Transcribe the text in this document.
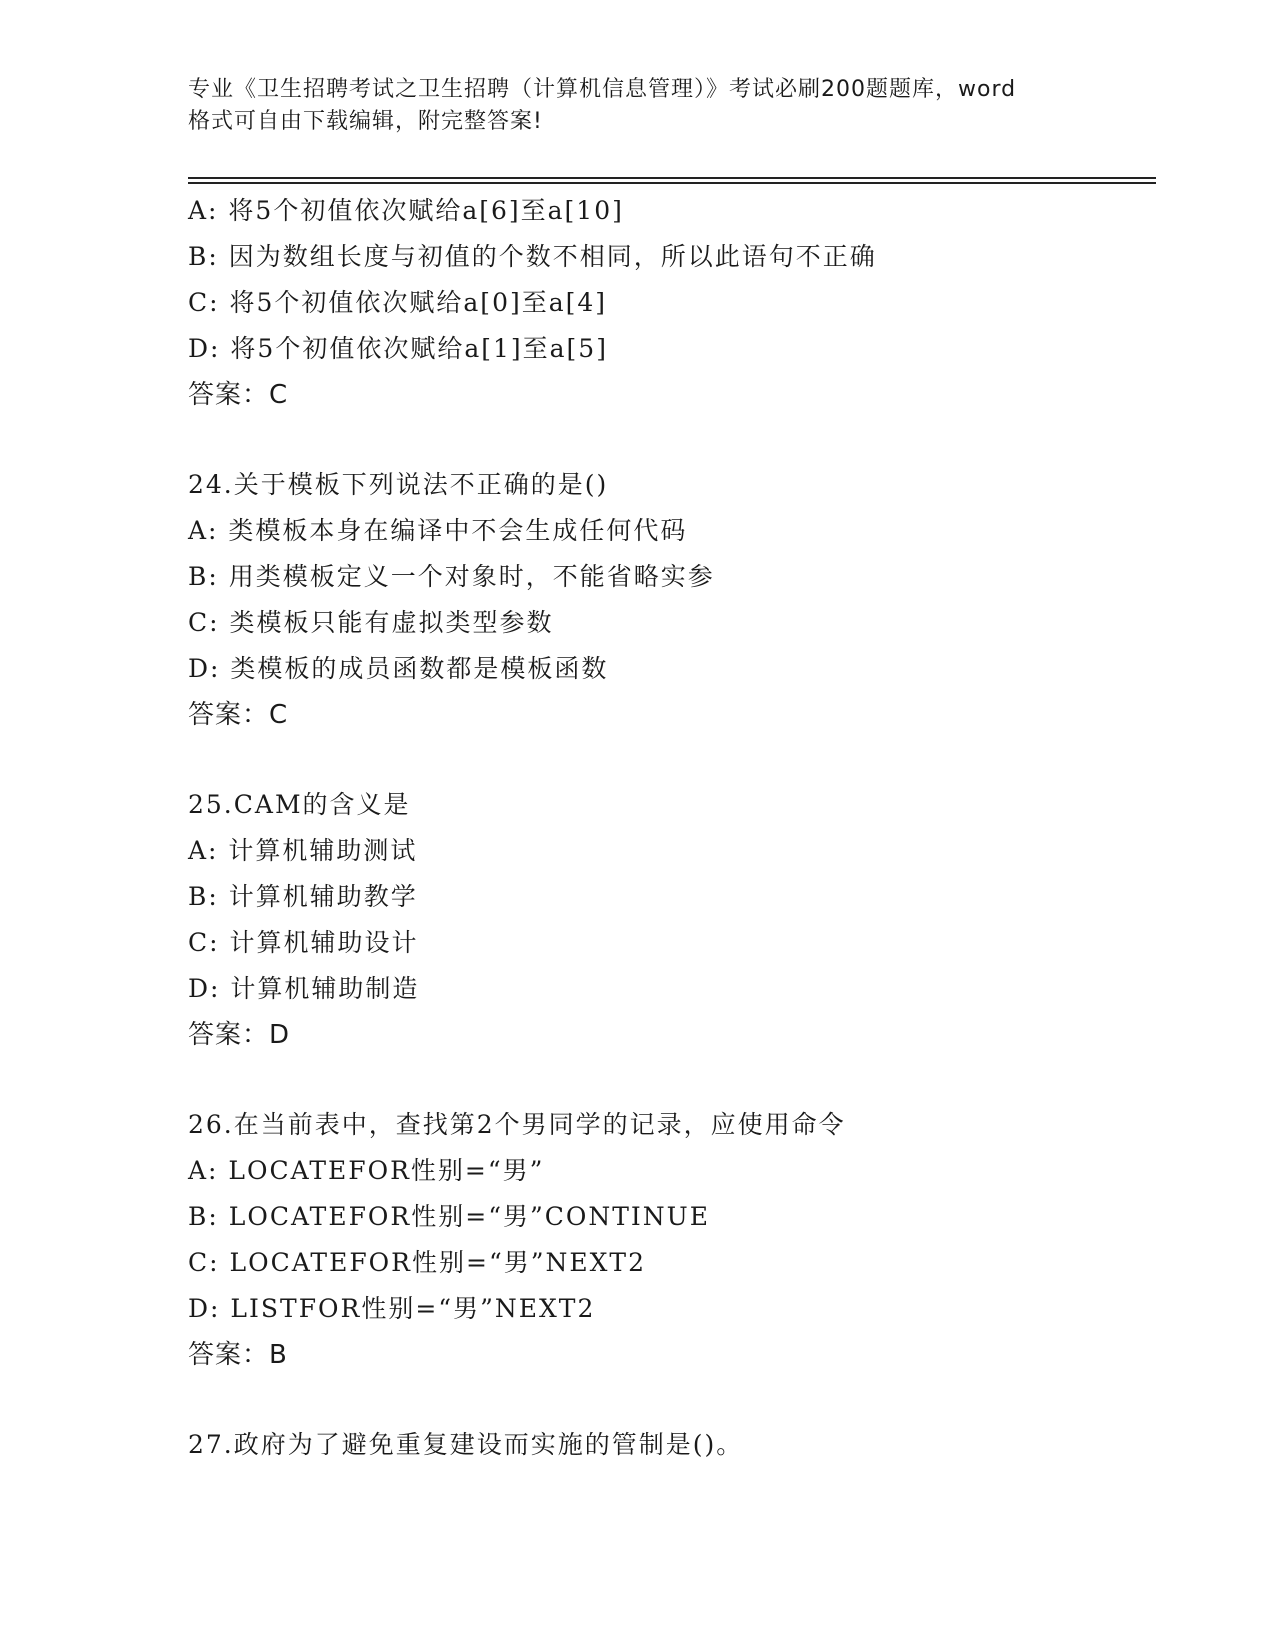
专业《卫生招聘考试之卫生招聘（计算机信息管理）》考试必刷200题题库，word
格式可自由下载编辑，附完整答案!
A: 将5个初值依次赋给a[6]至a[10]
B: 因为数组长度与初值的个数不相同，所以此语句不正确
C: 将5个初值依次赋给a[0]至a[4]
D: 将5个初值依次赋给a[1]至a[5]
答案：C
24.关于模板下列说法不正确的是()
A: 类模板本身在编译中不会生成任何代码
B: 用类模板定义一个对象时，不能省略实参
C: 类模板只能有虚拟类型参数
D: 类模板的成员函数都是模板函数
答案：C
25.CAM的含义是
A: 计算机辅助测试
B: 计算机辅助教学
C: 计算机辅助设计
D: 计算机辅助制造
答案：D
26.在当前表中，查找第2个男同学的记录，应使用命令
A: LOCATEFOR性别=“男”
B: LOCATEFOR性别=“男”CONTINUE
C: LOCATEFOR性别=“男”NEXT2
D: LISTFOR性别=“男”NEXT2
答案：B
27.政府为了避免重复建设而实施的管制是()。
